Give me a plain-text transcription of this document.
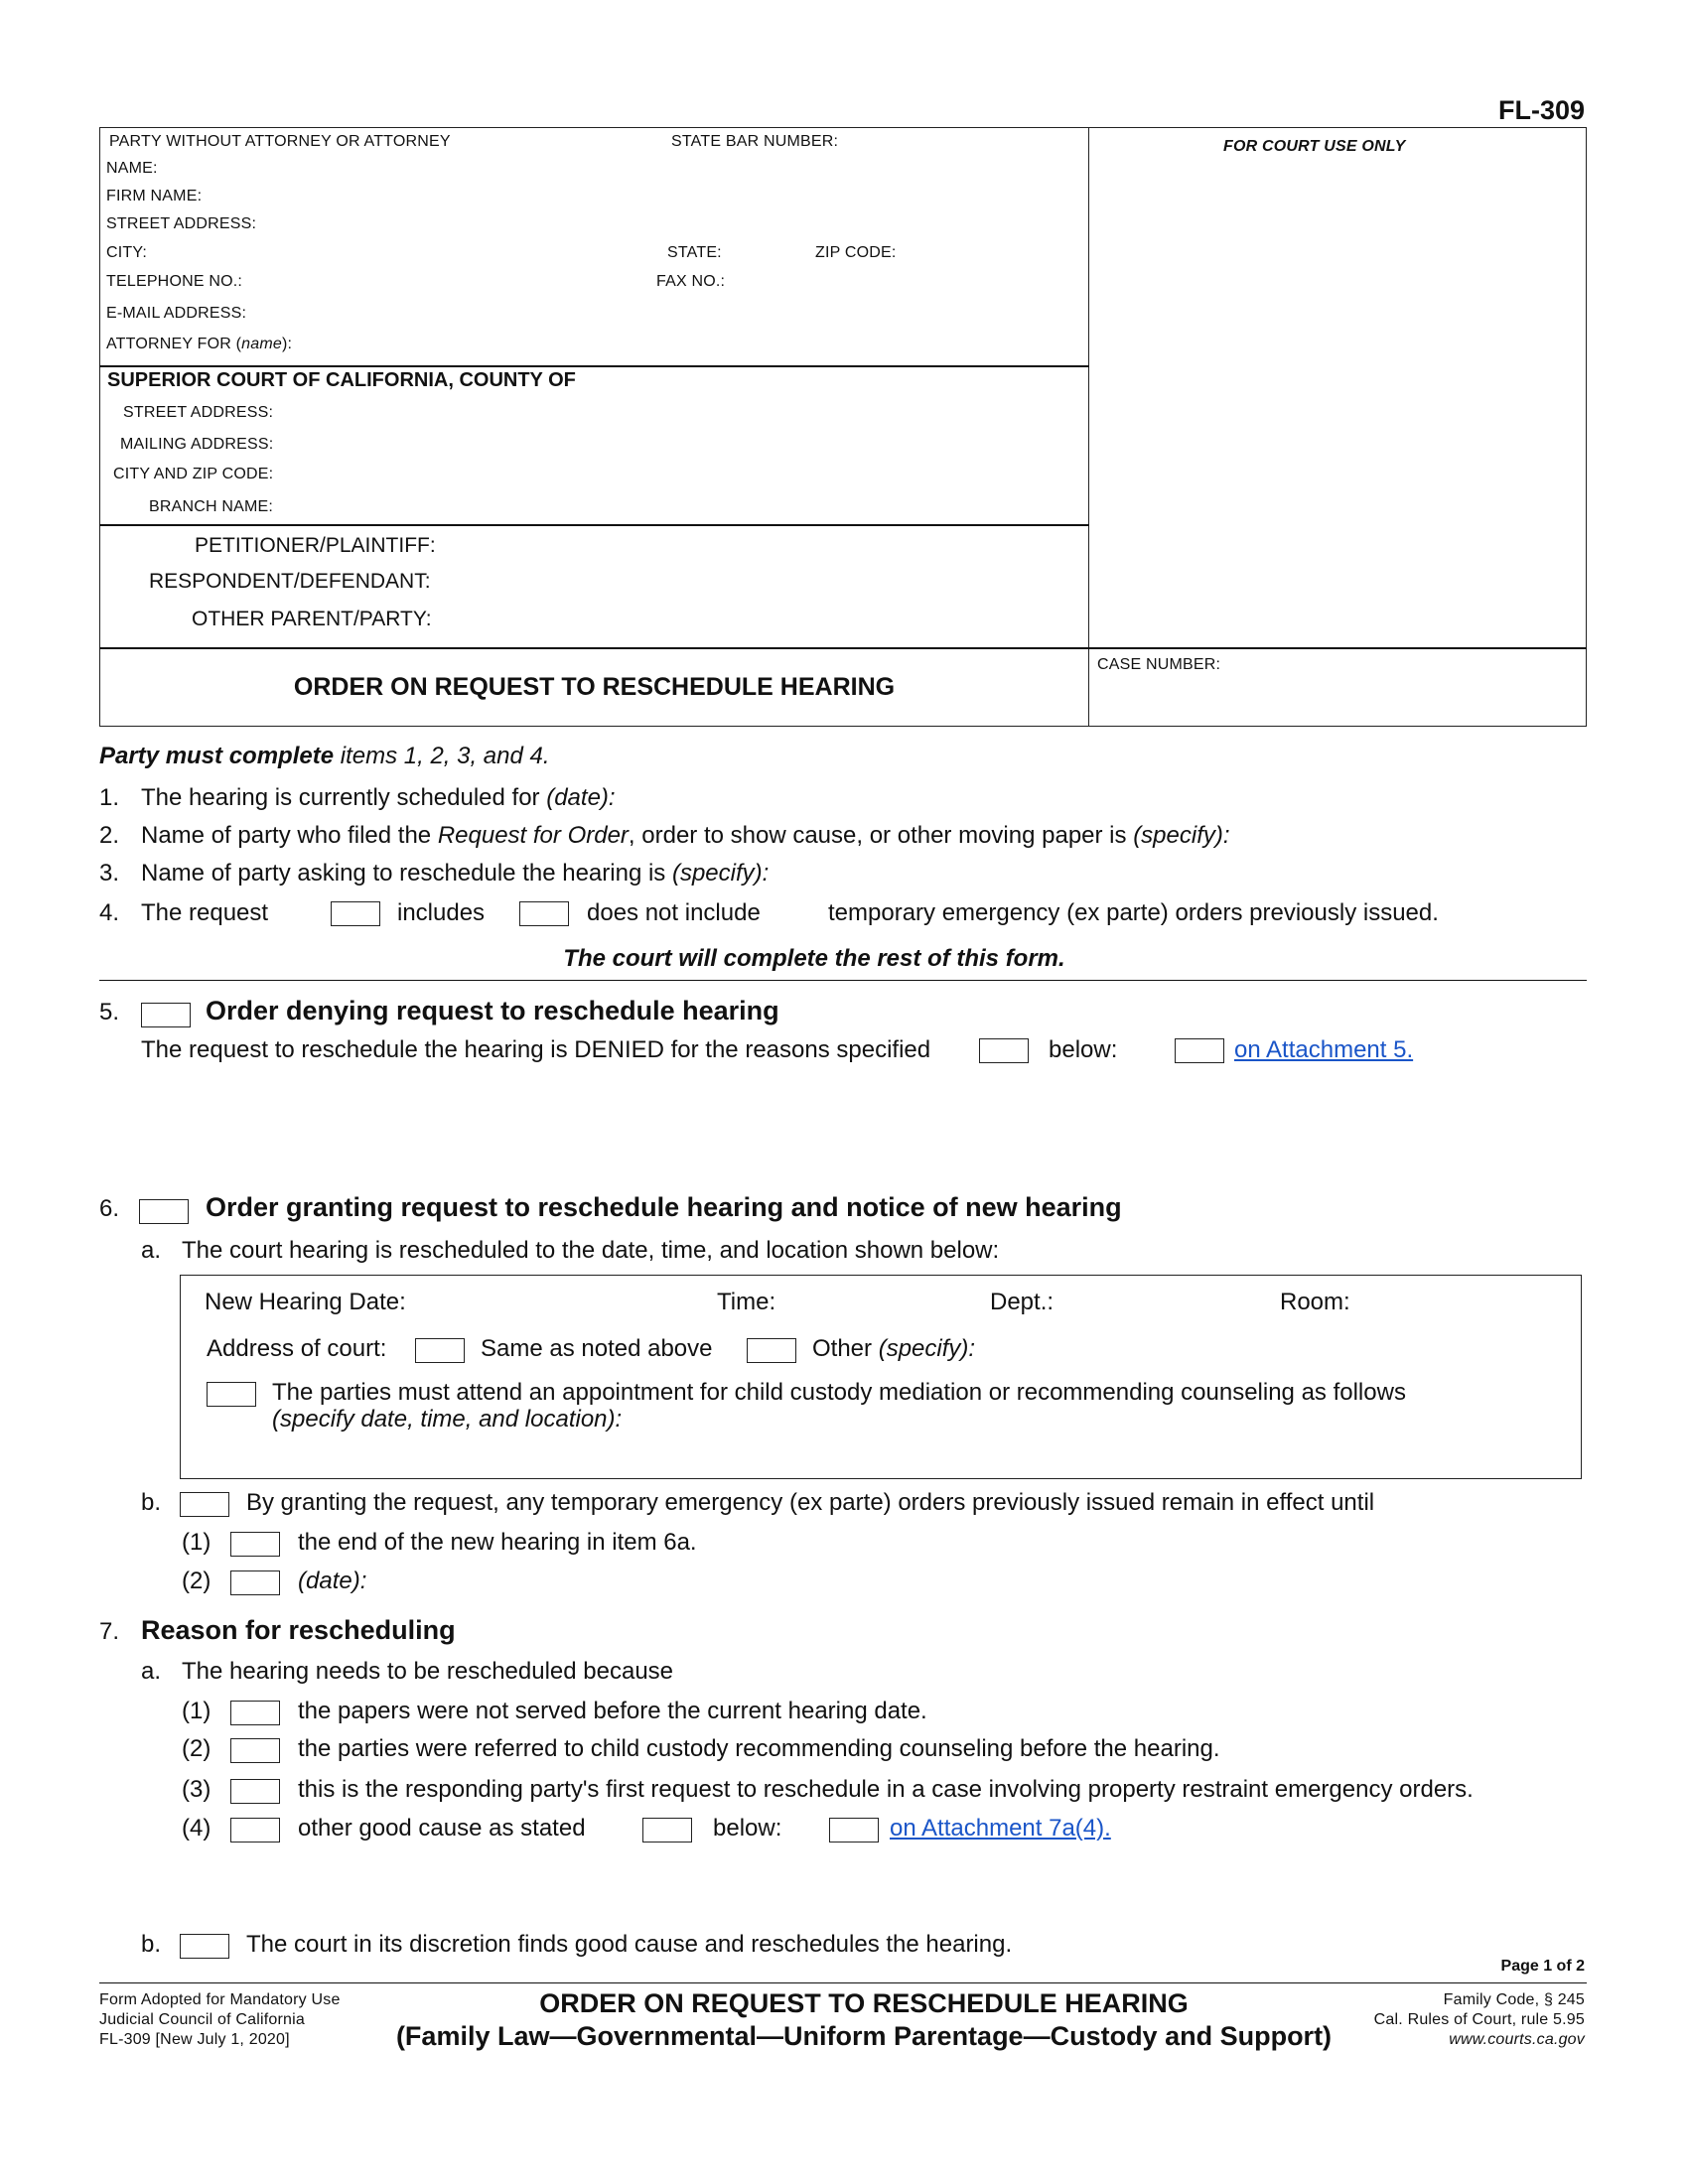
FL-309
PARTY WITHOUT ATTORNEY OR ATTORNEY	STATE BAR NUMBER:
NAME:
FIRM NAME:
STREET ADDRESS:
CITY:	STATE:	ZIP CODE:
TELEPHONE NO.:	FAX NO.:
E-MAIL ADDRESS:
ATTORNEY FOR (name):
FOR COURT USE ONLY
SUPERIOR COURT OF CALIFORNIA, COUNTY OF
STREET ADDRESS:
MAILING ADDRESS:
CITY AND ZIP CODE:
BRANCH NAME:
PETITIONER/PLAINTIFF:
RESPONDENT/DEFENDANT:
OTHER PARENT/PARTY:
ORDER ON REQUEST TO RESCHEDULE HEARING
CASE NUMBER:
Party must complete items 1, 2, 3, and 4.
1. The hearing is currently scheduled for (date):
2. Name of party who filed the Request for Order, order to show cause, or other moving paper is (specify):
3. Name of party asking to reschedule the hearing is (specify):
4. The request	includes	does not include	temporary emergency (ex parte) orders previously issued.
The court will complete the rest of this form.
5.	Order denying request to reschedule hearing
The request to reschedule the hearing is DENIED for the reasons specified	below:	on Attachment 5.
6.	Order granting request to reschedule hearing and notice of new hearing
a. The court hearing is rescheduled to the date, time, and location shown below:
New Hearing Date:	Time:	Dept.:	Room:
Address of court:	Same as noted above	Other (specify):
The parties must attend an appointment for child custody mediation or recommending counseling as follows
(specify date, time, and location):
b.	By granting the request, any temporary emergency (ex parte) orders previously issued remain in effect until
(1)	the end of the new hearing in item 6a.
(2)	(date):
7. Reason for rescheduling
a. The hearing needs to be rescheduled because
(1)	the papers were not served before the current hearing date.
(2)	the parties were referred to child custody recommending counseling before the hearing.
(3)	this is the responding party's first request to reschedule in a case involving property restraint emergency orders.
(4)	other good cause as stated	below:	on Attachment 7a(4).
b.	The court in its discretion finds good cause and reschedules the hearing.
Page 1 of 2
Form Adopted for Mandatory Use
Judicial Council of California
FL-309 [New July 1, 2020]
ORDER ON REQUEST TO RESCHEDULE HEARING
(Family Law—Governmental—Uniform Parentage—Custody and Support)
Family Code, § 245
Cal. Rules of Court, rule 5.95
www.courts.ca.gov
